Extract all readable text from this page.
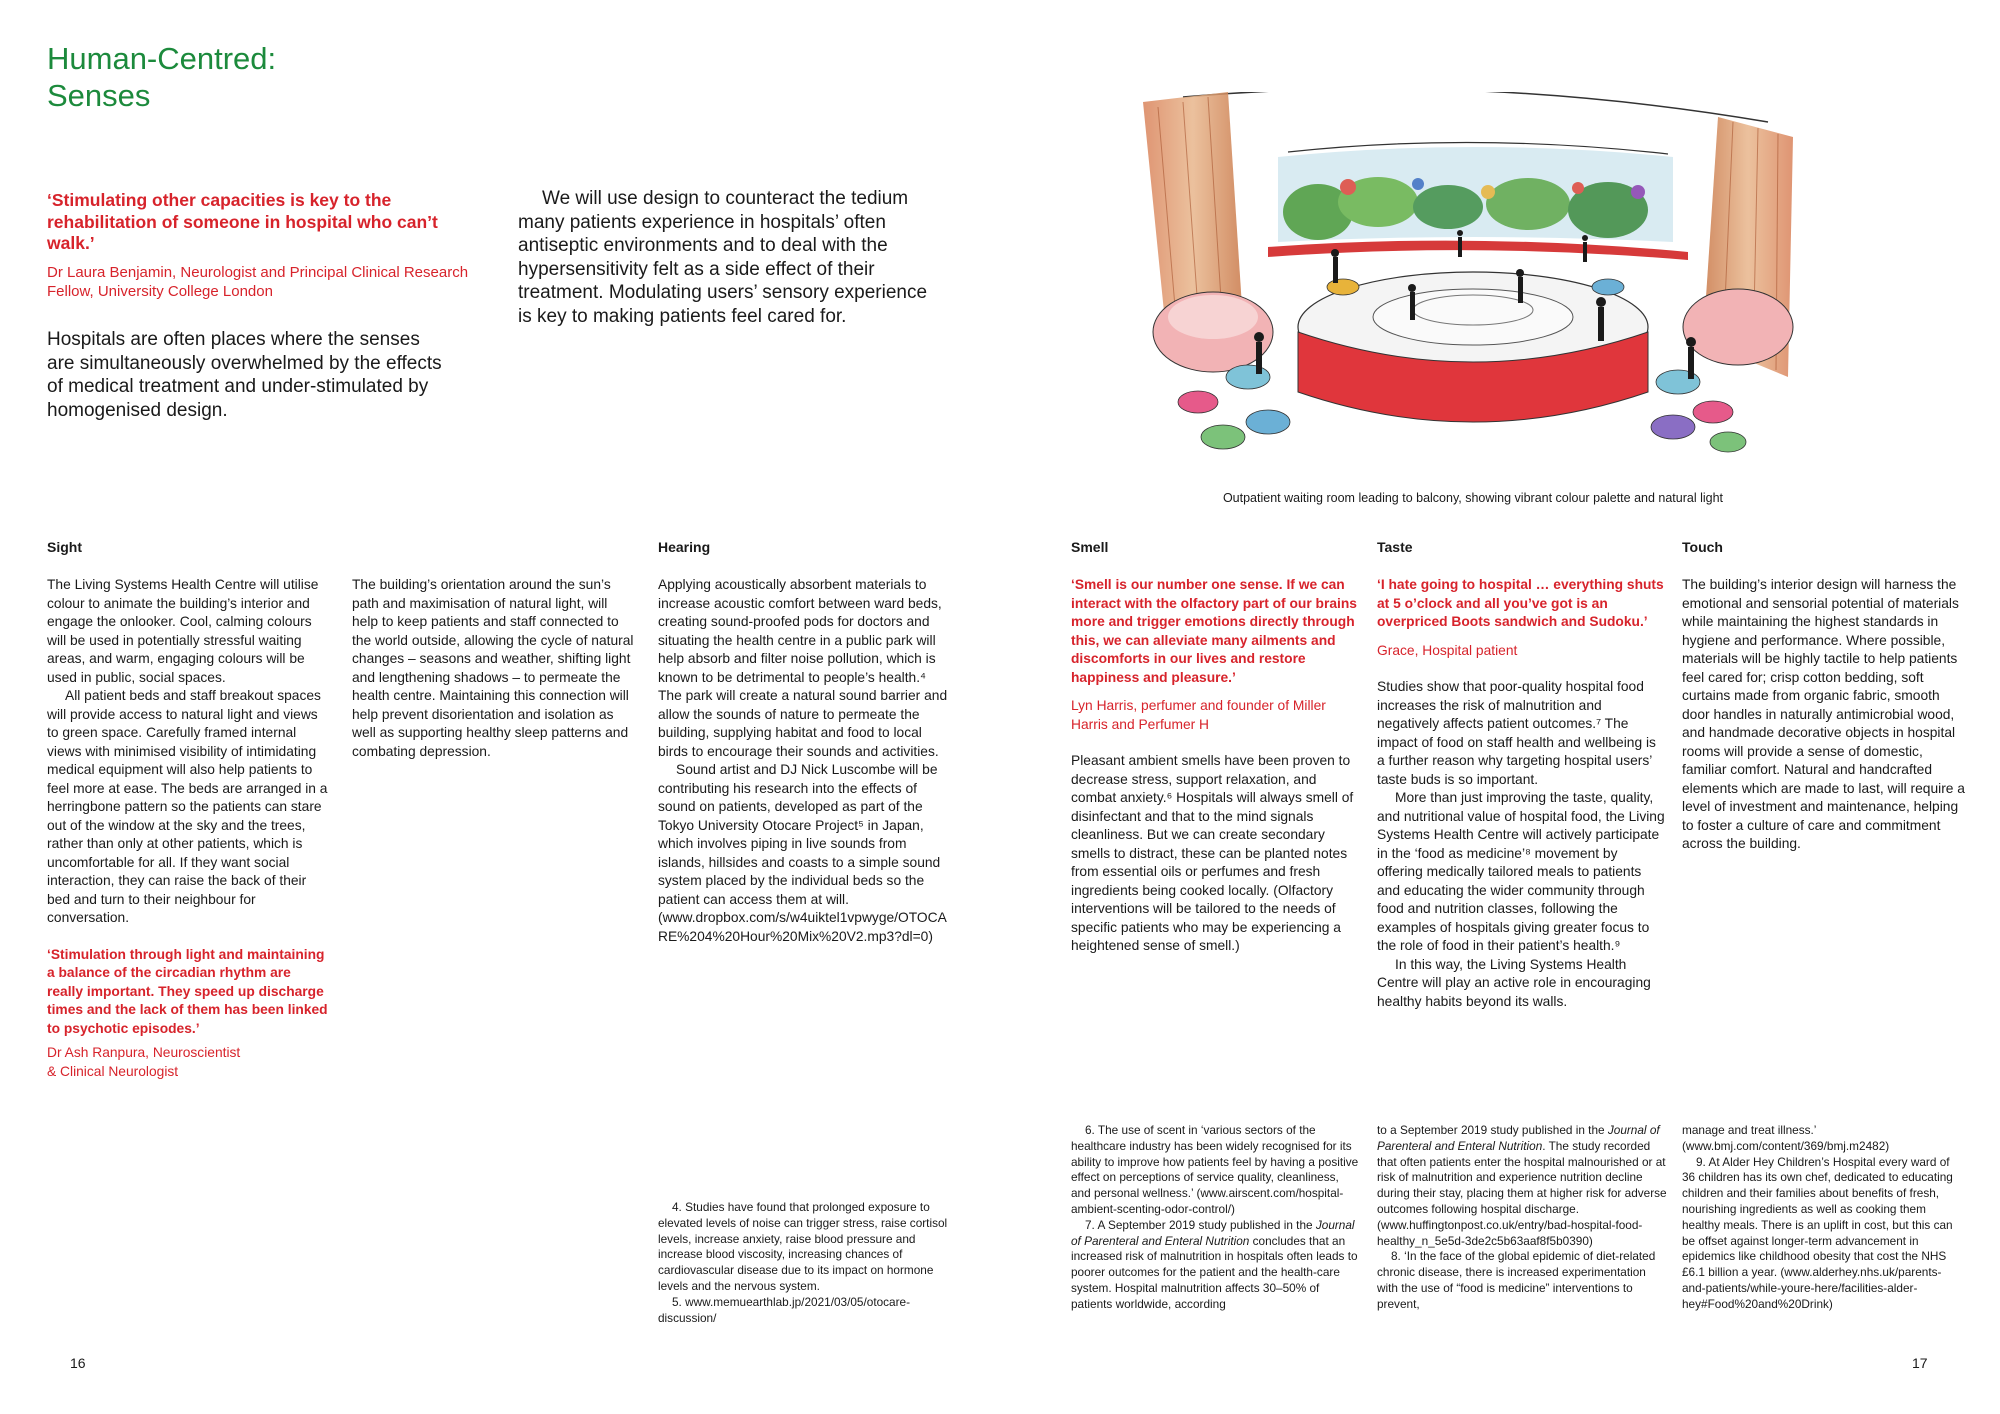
Human-Centred:
Senses
‘Stimulating other capacities is key to the rehabilitation of someone in hospital who can’t walk.’
Dr Laura Benjamin, Neurologist and Principal Clinical Research Fellow, University College London
Hospitals are often places where the senses are simultaneously overwhelmed by the effects of medical treatment and under-stimulated by homogenised design.
We will use design to counteract the tedium many patients experience in hospitals’ often antiseptic environments and to deal with the hypersensitivity felt as a side effect of their treatment. Modulating users’ sensory experience is key to making patients feel cared for.
Outpatient waiting room leading to balcony, showing vibrant colour palette and natural light
Sight	Hearing	Smell	Taste	Touch

The Living Systems Health Centre will utilise colour to animate the building’s interior and engage the onlooker. Cool, calming colours will be used in potentially stressful waiting areas, and warm, engaging colours will be used in public, social spaces.

All patient beds and staff breakout spaces will provide access to natural light and views to green space. Carefully framed internal views with minimised visibility of intimidating medical equipment will also help patients to feel more at ease. The beds are arranged in a herringbone pattern so the patients can stare out of the window at the sky and the trees, rather than only at other patients, which is uncomfortable for all. If they want social interaction, they can raise the back of their bed and turn to their neighbour for conversation.

‘Stimulation through light and maintaining a balance of the circadian rhythm are really important. They speed up discharge times and the lack of them has been linked to psychotic episodes.’

Dr Ash Ranpura, Neuroscientist
& Clinical Neurologist

The building’s orientation around the sun’s path and maximisation of natural light, will help to keep patients and staff connected to the world outside, allowing the cycle of natural changes – seasons and weather, shifting light and lengthening shadows – to permeate the health centre. Maintaining this connection will help prevent disorientation and isolation as well as supporting healthy sleep patterns and combating depression.

Applying acoustically absorbent materials to increase acoustic comfort between ward beds, creating sound-proofed pods for doctors and situating the health centre in a public park will help absorb and filter noise pollution, which is known to be detrimental to people’s health.⁴ The park will create a natural sound barrier and allow the sounds of nature to permeate the building, supplying habitat and food to local birds to encourage their sounds and activities.

Sound artist and DJ Nick Luscombe will be contributing his research into the effects of sound on patients, developed as part of the Tokyo University Otocare Project⁵ in Japan, which involves piping in live sounds from islands, hillsides and coasts to a simple sound system placed by the individual beds so the patient can access them at will. (www.dropbox.com/s/w4uiktel1vpwyge/OTOCARE%204%20Hour%20Mix%20V2.mp3?dl=0)

‘Smell is our number one sense. If we can interact with the olfactory part of our brains more and trigger emotions directly through this, we can alleviate many ailments and discomforts in our lives and restore happiness and pleasure.’

Lyn Harris, perfumer and founder of Miller Harris and Perfumer H

Pleasant ambient smells have been proven to decrease stress, support relaxation, and combat anxiety.⁶ Hospitals will always smell of disinfectant and that to the mind signals cleanliness. But we can create secondary smells to distract, these can be planted notes from essential oils or perfumes and fresh ingredients being cooked locally. (Olfactory interventions will be tailored to the needs of specific patients who may be experiencing a heightened sense of smell.)

‘I hate going to hospital … everything shuts at 5 o’clock and all you’ve got is an overpriced Boots sandwich and Sudoku.’

Grace, Hospital patient

Studies show that poor-quality hospital food increases the risk of malnutrition and negatively affects patient outcomes.⁷ The impact of food on staff health and wellbeing is a further reason why targeting hospital users’ taste buds is so important.

More than just improving the taste, quality, and nutritional value of hospital food, the Living Systems Health Centre will actively participate in the ‘food as medicine’⁸ movement by offering medically tailored meals to patients and educating the wider community through food and nutrition classes, following the examples of hospitals giving greater focus to the role of food in their patient’s health.⁹

In this way, the Living Systems Health Centre will play an active role in encouraging healthy habits beyond its walls.

The building’s interior design will harness the emotional and sensorial potential of materials while maintaining the highest standards in hygiene and performance. Where possible, materials will be highly tactile to help patients feel cared for; crisp cotton bedding, soft curtains made from organic fabric, smooth door handles in naturally antimicrobial wood, and handmade decorative objects in hospital rooms will provide a sense of domestic, familiar comfort. Natural and handcrafted elements which are made to last, will require a level of investment and maintenance, helping to foster a culture of care and commitment across the building.

4. Studies have found that prolonged exposure to elevated levels of noise can trigger stress, raise cortisol levels, increase anxiety, raise blood pressure and increase blood viscosity, increasing chances of cardiovascular disease due to its impact on hormone levels and the nervous system.

5. www.memuearthlab.jp/2021/03/05/otocare-discussion/

6. The use of scent in ‘various sectors of the healthcare industry has been widely recognised for its ability to improve how patients feel by having a positive effect on perceptions of service quality, cleanliness, and personal wellness.’ (www.airscent.com/hospital-ambient-scenting-odor-control/)

7. A September 2019 study published in the Journal of Parenteral and Enteral Nutrition concludes that an increased risk of malnutrition in hospitals often leads to poorer outcomes for the patient and the health-care system. Hospital malnutrition affects 30–50% of patients worldwide, according

to a September 2019 study published in the Journal of Parenteral and Enteral Nutrition. The study recorded that often patients enter the hospital malnourished or at risk of malnutrition and experience nutrition decline during their stay, placing them at higher risk for adverse outcomes following hospital discharge. (www.huffingtonpost.co.uk/entry/bad-hospital-food-healthy_n_5e5d-3de2c5b63aaf8f5b0390)

8. ‘In the face of the global epidemic of diet-related chronic disease, there is increased experimentation with the use of “food is medicine” interventions to prevent,

manage and treat illness.’ (www.bmj.com/content/369/bmj.m2482)

9. At Alder Hey Children’s Hospital every ward of 36 children has its own chef, dedicated to educating children and their families about benefits of fresh, nourishing ingredients as well as cooking them healthy meals. There is an uplift in cost, but this can be offset against longer-term advancement in epidemics like childhood obesity that cost the NHS £6.1 billion a year. (www.alderhey.nhs.uk/parents-and-patients/while-youre-here/facilities-alder-hey#Food%20and%20Drink)

16	17
